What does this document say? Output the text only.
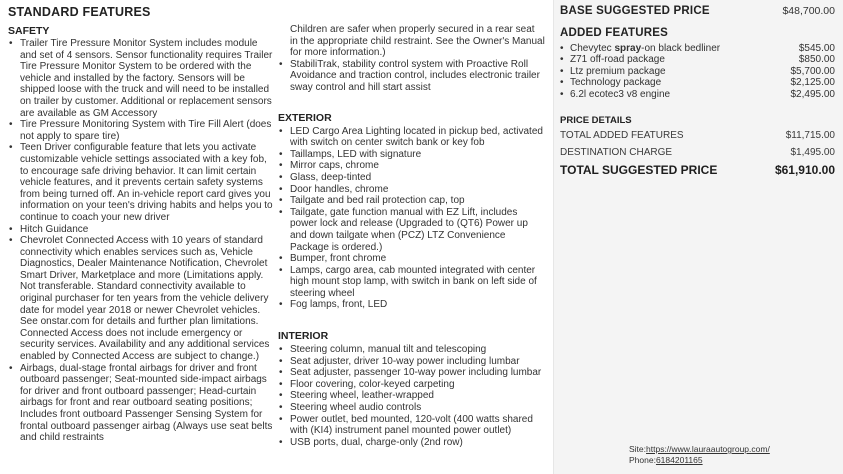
STANDARD FEATURES
SAFETY
• Trailer Tire Pressure Monitor System includes module and set of 4 sensors. Sensor functionality requires Trailer Tire Pressure Monitor System to be ordered with the vehicle and installed by the factory. Sensors will be shipped loose with the truck and will need to be installed on trailer by customer. Additional or replacement sensors are available as GM Accessory
• Tire Pressure Monitoring System with Tire Fill Alert (does not apply to spare tire)
• Teen Driver configurable feature that lets you activate customizable vehicle settings associated with a key fob, to encourage safe driving behavior. It can limit certain vehicle features, and it prevents certain safety systems from being turned off. An in-vehicle report card gives you information on your teen's driving habits and helps you to continue to coach your new driver
• Hitch Guidance
• Chevrolet Connected Access with 10 years of standard connectivity which enables services such as, Vehicle Diagnostics, Dealer Maintenance Notification, Chevrolet Smart Driver, Marketplace and more (Limitations apply. Not transferable. Standard connectivity available to original purchaser for ten years from the vehicle delivery date for model year 2018 or newer Chevrolet vehicles. See onstar.com for details and further plan limitations. Connected Access does not include emergency or security services. Availability and any additional services enabled by Connected Access are subject to change.)
• Airbags, dual-stage frontal airbags for driver and front outboard passenger; Seat-mounted side-impact airbags for driver and front outboard passenger; Head-curtain airbags for front and rear outboard seating positions; Includes front outboard Passenger Sensing System for frontal outboard passenger airbag (Always use seat belts and child restraints

Children are safer when properly secured in a rear seat in the appropriate child restraint. See the Owner's Manual for more information.)

• StabiliTrak, stability control system with Proactive Roll Avoidance and traction control, includes electronic trailer sway control and hill start assist
EXTERIOR
• LED Cargo Area Lighting located in pickup bed, activated with switch on center switch bank or key fob
• Taillamps, LED with signature
• Mirror caps, chrome
• Glass, deep-tinted
• Door handles, chrome
• Tailgate and bed rail protection cap, top
• Tailgate, gate function manual with EZ Lift, includes power lock and release (Upgraded to (QT6) Power up and down tailgate when (PCZ) LTZ Convenience Package is ordered.)
• Bumper, front chrome
• Lamps, cargo area, cab mounted integrated with center high mount stop lamp, with switch in bank on left side of steering wheel
• Fog lamps, front, LED
INTERIOR
• Steering column, manual tilt and telescoping
• Seat adjuster, driver 10-way power including lumbar
• Seat adjuster, passenger 10-way power including lumbar
• Floor covering, color-keyed carpeting
• Steering wheel, leather-wrapped
• Steering wheel audio controls
• Power outlet, bed mounted, 120-volt (400 watts shared with (KI4) instrument panel mounted power outlet)
• USB ports, dual, charge-only (2nd row)
BASE SUGGESTED PRICE	$48,700.00
ADDED FEATURES
• Chevytec spray-on black bedliner	$545.00
• Z71 off-road package	$850.00
• Ltz premium package	$5,700.00
• Technology package	$2,125.00
• 6.2l ecotec3 v8 engine	$2,495.00
PRICE DETAILS
TOTAL ADDED FEATURES	$11,715.00
DESTINATION CHARGE	$1,495.00
TOTAL SUGGESTED PRICE	$61,910.00
Site:https://www.lauraautogroup.com/
Phone:6184201165
